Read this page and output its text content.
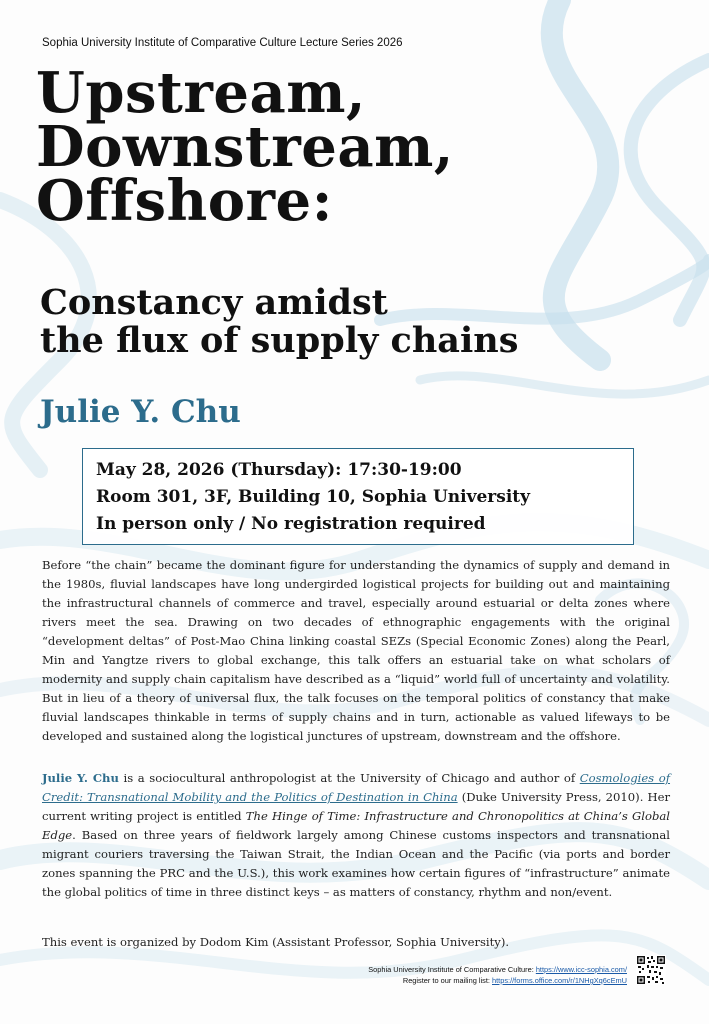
Sophia University Institute of Comparative Culture Lecture Series 2026
Upstream,
Downstream,
Offshore:
Constancy amidst
the flux of supply chains
Julie Y. Chu
May 28, 2026 (Thursday): 17:30-19:00
Room 301, 3F, Building 10, Sophia University
In person only / No registration required
Before “the chain” became the dominant figure for understanding the dynamics of supply and demand in the 1980s, fluvial landscapes have long undergirded logistical projects for building out and maintaining the infrastructural channels of commerce and travel, especially around estuarial or delta zones where rivers meet the sea. Drawing on two decades of ethnographic engagements with the original “development deltas” of Post-Mao China linking coastal SEZs (Special Economic Zones) along the Pearl, Min and Yangtze rivers to global exchange, this talk offers an estuarial take on what scholars of modernity and supply chain capitalism have described as a “liquid” world full of uncertainty and volatility. But in lieu of a theory of universal flux, the talk focuses on the temporal politics of constancy that make fluvial landscapes thinkable in terms of supply chains and in turn, actionable as valued lifeways to be developed and sustained along the logistical junctures of upstream, downstream and the offshore.
Julie Y. Chu is a sociocultural anthropologist at the University of Chicago and author of Cosmologies of Credit: Transnational Mobility and the Politics of Destination in China (Duke University Press, 2010). Her current writing project is entitled The Hinge of Time: Infrastructure and Chronopolitics at China’s Global Edge. Based on three years of fieldwork largely among Chinese customs inspectors and transnational migrant couriers traversing the Taiwan Strait, the Indian Ocean and the Pacific (via ports and border zones spanning the PRC and the U.S.), this work examines how certain figures of “infrastructure” animate the global politics of time in three distinct keys – as matters of constancy, rhythm and non/event.
This event is organized by Dodom Kim (Assistant Professor, Sophia University).
Sophia University Institute of Comparative Culture: https://www.icc-sophia.com/
Register to our mailing list: https://forms.office.com/r/1NHgXq6cEmU
